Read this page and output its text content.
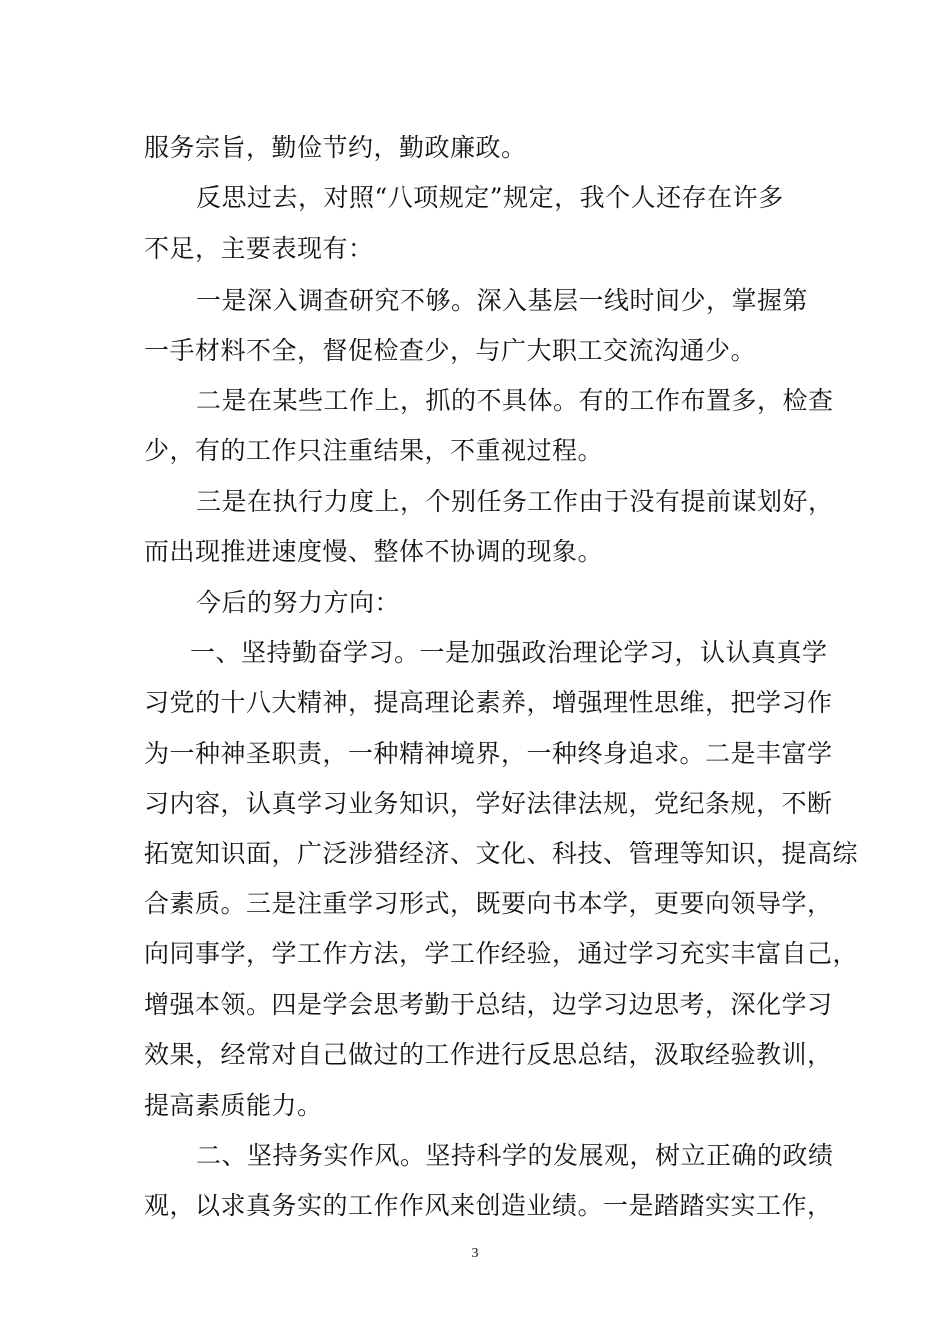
服务宗旨，勤俭节约，勤政廉政。
反思过去，对照“八项规定”规定，我个人还存在许多
不足，主要表现有：
一是深入调查研究不够。深入基层一线时间少，掌握第
一手材料不全，督促检查少，与广大职工交流沟通少。
二是在某些工作上，抓的不具体。有的工作布置多，检查
少，有的工作只注重结果，不重视过程。
三是在执行力度上，个别任务工作由于没有提前谋划好，
而出现推进速度慢、整体不协调的现象。
今后的努力方向：
一、坚持勤奋学习。一是加强政治理论学习，认认真真学
习党的十八大精神，提高理论素养，增强理性思维，把学习作
为一种神圣职责，一种精神境界，一种终身追求。二是丰富学
习内容，认真学习业务知识，学好法律法规，党纪条规，不断
拓宽知识面，广泛涉猎经济、文化、科技、管理等知识，提高综
合素质。三是注重学习形式，既要向书本学，更要向领导学，
向同事学，学工作方法，学工作经验，通过学习充实丰富自己，
增强本领。四是学会思考勤于总结，边学习边思考，深化学习
效果，经常对自己做过的工作进行反思总结，汲取经验教训，
提高素质能力。
二、坚持务实作风。坚持科学的发展观，树立正确的政绩
观，以求真务实的工作作风来创造业绩。一是踏踏实实工作，
3
